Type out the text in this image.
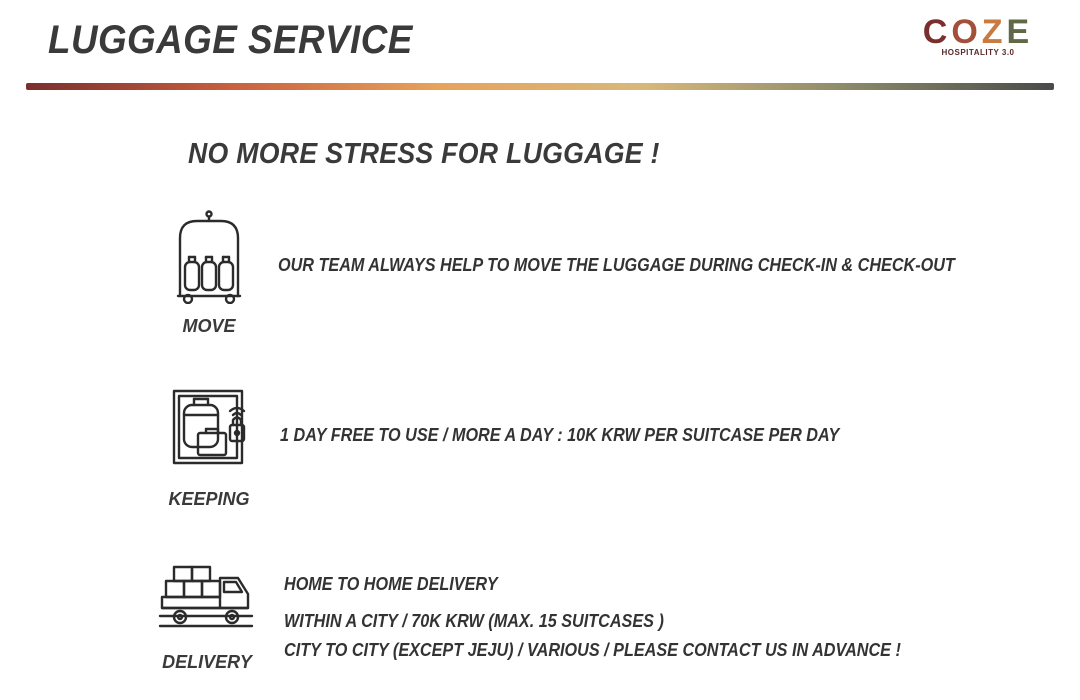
LUGGAGE SERVICE	COZE
HOSPITALITY 3.0
NO MORE STRESS FOR LUGGAGE !
MOVE
OUR TEAM ALWAYS HELP TO MOVE THE LUGGAGE DURING CHECK-IN & CHECK-OUT
KEEPING
1 DAY FREE TO USE / MORE A DAY : 10K KRW PER SUITCASE PER DAY
DELIVERY
HOME TO HOME DELIVERY
WITHIN A CITY / 70K KRW (MAX. 15 SUITCASES )
CITY TO CITY (EXCEPT JEJU) / VARIOUS / PLEASE CONTACT US IN ADVANCE !
